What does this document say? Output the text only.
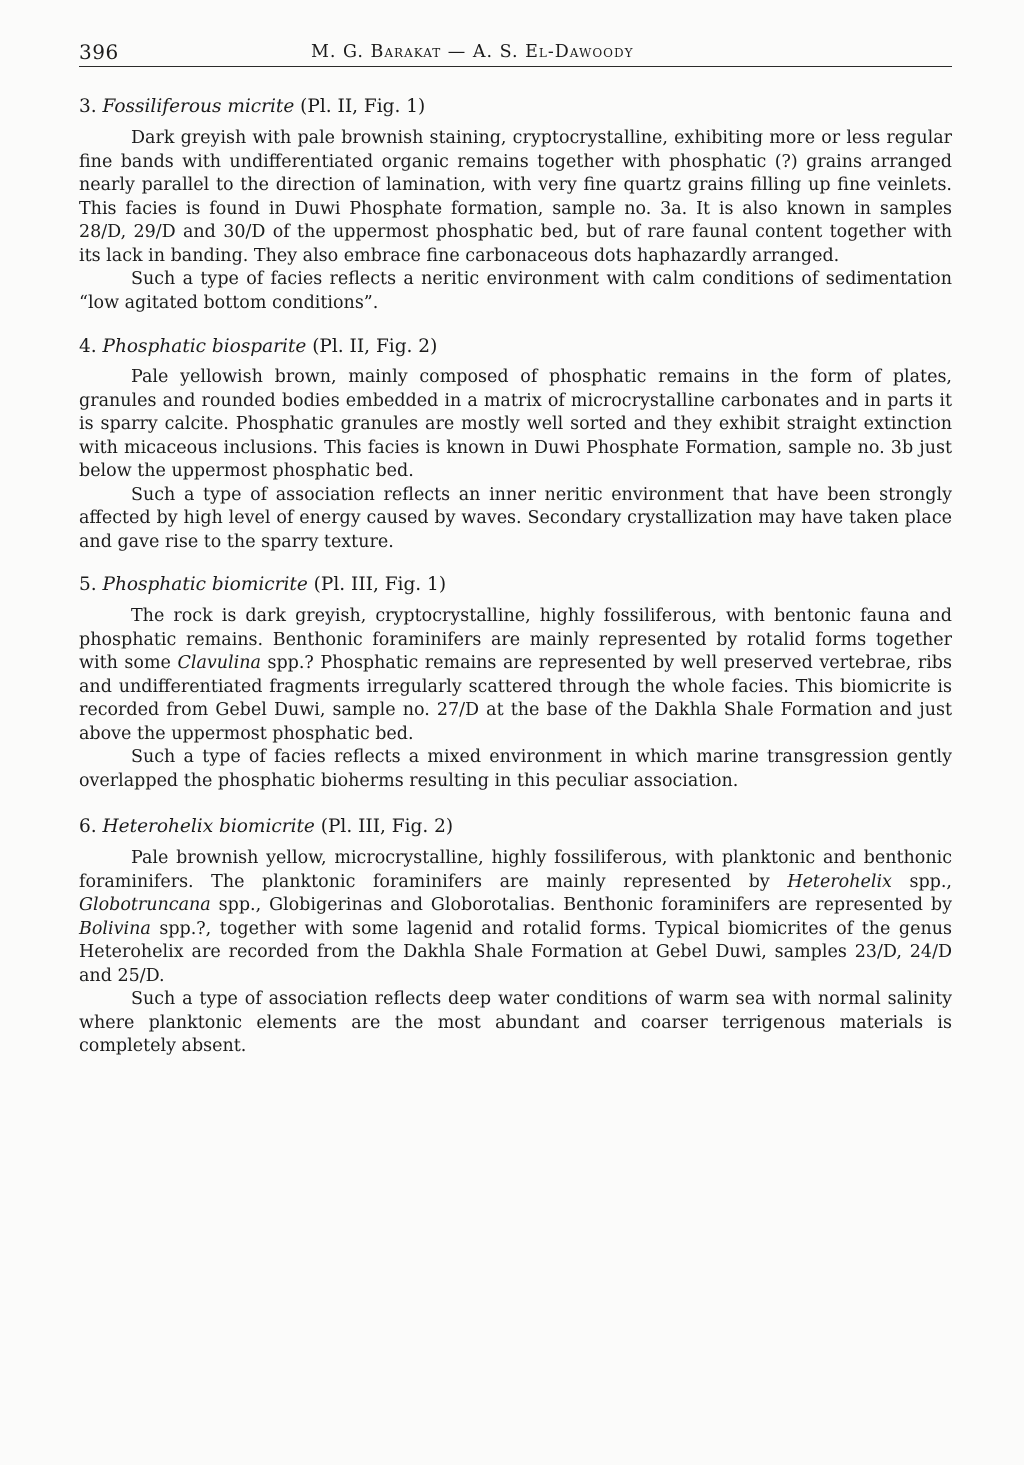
396	M. G. Barakat — A. S. El-Dawoody
3. Fossiliferous micrite (Pl. II, Fig. 1)

Dark greyish with pale brownish staining, cryptocrystalline, exhibiting more or less regular fine bands with undifferentiated organic remains together with phosphatic (?) grains arranged nearly parallel to the direction of lamination, with very fine quartz grains filling up fine veinlets. This facies is found in Duwi Phosphate formation, sample no. 3a. It is also known in samples 28/D, 29/D and 30/D of the uppermost phosphatic bed, but of rare faunal content together with its lack in banding. They also embrace fine carbonaceous dots haphazardly arranged.

Such a type of facies reflects a neritic environment with calm conditions of sedimentation “low agitated bottom conditions”.

4. Phosphatic biosparite (Pl. II, Fig. 2)

Pale yellowish brown, mainly composed of phosphatic remains in the form of plates, granules and rounded bodies embedded in a matrix of microcrystalline carbonates and in parts it is sparry calcite. Phosphatic granules are mostly well sorted and they exhibit straight extinction with micaceous inclusions. This facies is known in Duwi Phosphate Formation, sample no. 3b just below the uppermost phosphatic bed.

Such a type of association reflects an inner neritic environment that have been strongly affected by high level of energy caused by waves. Secondary crystallization may have taken place and gave rise to the sparry texture.

5. Phosphatic biomicrite (Pl. III, Fig. 1)

The rock is dark greyish, cryptocrystalline, highly fossiliferous, with bentonic fauna and phosphatic remains. Benthonic foraminifers are mainly represented by rotalid forms together with some Clavulina spp.? Phosphatic remains are represented by well preserved vertebrae, ribs and undifferentiated fragments irregularly scattered through the whole facies. This biomicrite is recorded from Gebel Duwi, sample no. 27/D at the base of the Dakhla Shale Formation and just above the uppermost phosphatic bed.

Such a type of facies reflects a mixed environment in which marine transgression gently overlapped the phosphatic bioherms resulting in this peculiar association.

6. Heterohelix biomicrite (Pl. III, Fig. 2)

Pale brownish yellow, microcrystalline, highly fossiliferous, with planktonic and benthonic foraminifers. The planktonic foraminifers are mainly represented by Heterohelix spp., Globotruncana spp., Globigerinas and Globorotalias. Benthonic foraminifers are represented by Bolivina spp.?, together with some lagenid and rotalid forms. Typical biomicrites of the genus Heterohelix are recorded from the Dakhla Shale Formation at Gebel Duwi, samples 23/D, 24/D and 25/D.

Such a type of association reflects deep water conditions of warm sea with normal salinity where planktonic elements are the most abundant and coarser terrigenous materials is completely absent.
